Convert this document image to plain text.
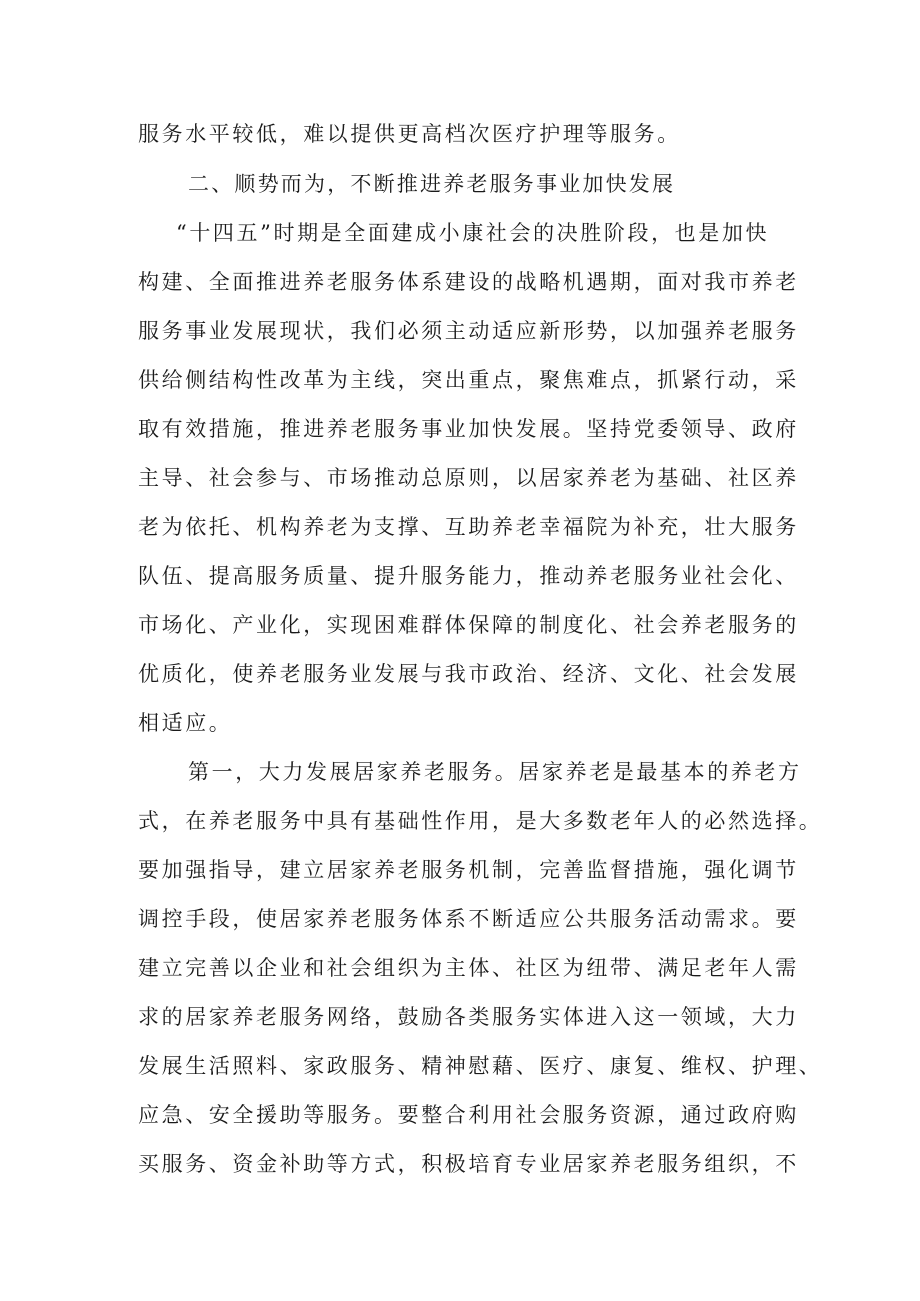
服务水平较低，难以提供更高档次医疗护理等服务。
二、顺势而为，不断推进养老服务事业加快发展
“十四五”时期是全面建成小康社会的决胜阶段，也是加快
构建、全面推进养老服务体系建设的战略机遇期，面对我市养老
服务事业发展现状，我们必须主动适应新形势，以加强养老服务
供给侧结构性改革为主线，突出重点，聚焦难点，抓紧行动，采
取有效措施，推进养老服务事业加快发展。坚持党委领导、政府
主导、社会参与、市场推动总原则，以居家养老为基础、社区养
老为依托、机构养老为支撑、互助养老幸福院为补充，壮大服务
队伍、提高服务质量、提升服务能力，推动养老服务业社会化、
市场化、产业化，实现困难群体保障的制度化、社会养老服务的
优质化，使养老服务业发展与我市政治、经济、文化、社会发展
相适应。
第一，大力发展居家养老服务。居家养老是最基本的养老方
式，在养老服务中具有基础性作用，是大多数老年人的必然选择。
要加强指导，建立居家养老服务机制，完善监督措施，强化调节
调控手段，使居家养老服务体系不断适应公共服务活动需求。要
建立完善以企业和社会组织为主体、社区为纽带、满足老年人需
求的居家养老服务网络，鼓励各类服务实体进入这一领域，大力
发展生活照料、家政服务、精神慰藉、医疗、康复、维权、护理、
应急、安全援助等服务。要整合利用社会服务资源，通过政府购
买服务、资金补助等方式，积极培育专业居家养老服务组织，不
